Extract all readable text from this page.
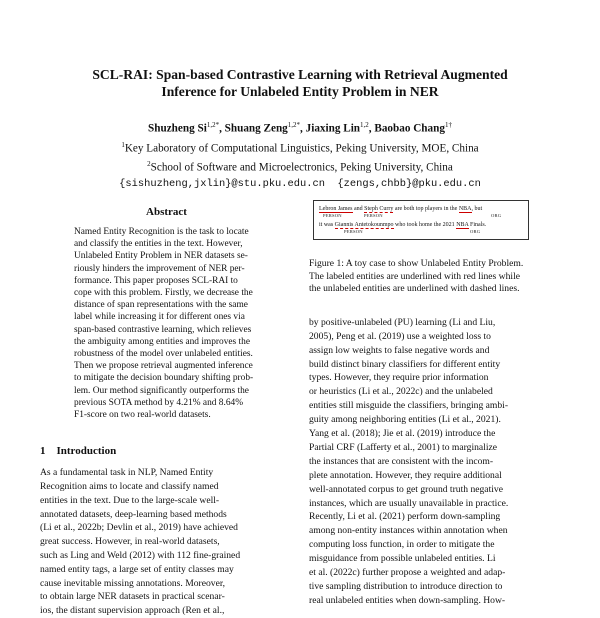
SCL-RAI: Span-based Contrastive Learning with Retrieval Augmented
Inference for Unlabeled Entity Problem in NER
Shuzheng $Si^{1,2*}$, Shuang Zeng$^{1,2*}$, Jiaxing Lin$^{1,2}$, Baobao Chang$^{1\dagger}$
$^1$Key Laboratory of Computational Linguistics, Peking University, MOE, China
$^2$School of Software and Microelectronics, Peking University, China
{sishuzheng,jxlin}@stu.pku.edu.cn  {zengs,chbb}@pku.edu.cn
Abstract
Named Entity Recognition is the task to locate
and classify the entities in the text. However,
Unlabeled Entity Problem in NER datasets se-
riously hinders the improvement of NER per-
formance. This paper proposes SCL-RAI to
cope with this problem. Firstly, we decrease the
distance of span representations with the same
label while increasing it for different ones via
span-based contrastive learning, which relieves
the ambiguity among entities and improves the
robustness of the model over unlabeled entities.
Then we propose retrieval augmented inference
to mitigate the decision boundary shifting prob-
lem. Our method significantly outperforms the
previous SOTA method by 4.21% and 8.64%
F1-score on two real-world datasets.
1 Introduction
As a fundamental task in NLP, Named Entity
Recognition aims to locate and classify named
entities in the text. Due to the large-scale well-
annotated datasets, deep-learning based methods
(Li et al., 2022b; Devlin et al., 2019) have achieved
great success. However, in real-world datasets,
such as Ling and Weld (2012) with 112 fine-grained
named entity tags, a large set of entity classes may
cause inevitable missing annotations. Moreover,
to obtain large NER datasets in practical scenar-
ios, the distant supervision approach (Ren et al.,
Lebron James and Steph Curry are both top players in the NBA, but
PERSON	PERSON	ORG
it was Giannis Antetokounmpo who took home the 2021 NBA Finals.
PERSON	ORG
Figure 1: A toy case to show Unlabeled Entity Problem.
The labeled entities are underlined with red lines while
the unlabeled entities are underlined with dashed lines.
by positive-unlabeled (PU) learning (Li and Liu,
2005), Peng et al. (2019) use a weighted loss to
assign low weights to false negative words and
build distinct binary classifiers for different entity
types. However, they require prior information
or heuristics (Li et al., 2022c) and the unlabeled
entities still misguide the classifiers, bringing ambi-
guity among neighboring entities (Li et al., 2021).
Yang et al. (2018); Jie et al. (2019) introduce the
Partial CRF (Lafferty et al., 2001) to marginalize
the instances that are consistent with the incom-
plete annotation. However, they require additional
well-annotated corpus to get ground truth negative
instances, which are usually unavailable in practice.
Recently, Li et al. (2021) perform down-sampling
among non-entity instances within annotation when
computing loss function, in order to mitigate the
misguidance from possible unlabeled entities. Li
et al. (2022c) further propose a weighted and adap-
tive sampling distribution to introduce direction to
real unlabeled entities when down-sampling. How-
